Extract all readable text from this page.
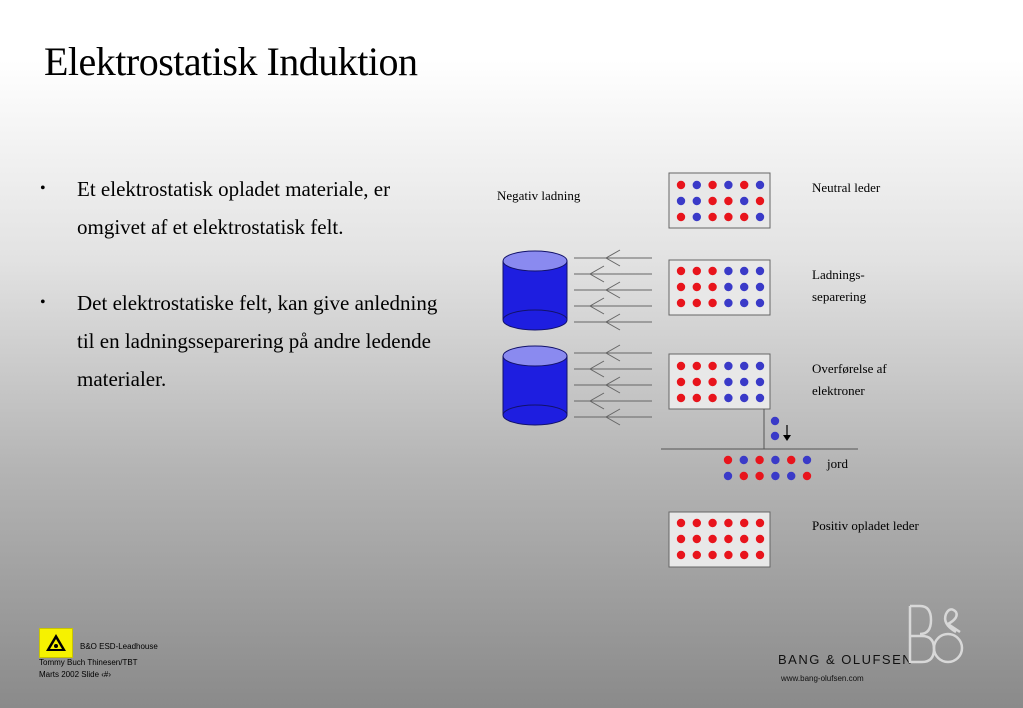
Elektrostatisk Induktion
• Et elektrostatisk opladet materiale, er omgivet af et elektrostatisk felt.
• Det elektrostatiske felt, kan give anledning til en ladningsseparering på andre ledende materialer.
Negativ ladning
Neutral leder
Ladnings-
separering
Overførelse af
elektroner
jord
Positiv opladet leder
B&O ESD-Leadhouse
Tommy Buch Thinesen/TBT
Marts 2002 Slide ‹#›
BANG & OLUFSEN
www.bang-olufsen.com
